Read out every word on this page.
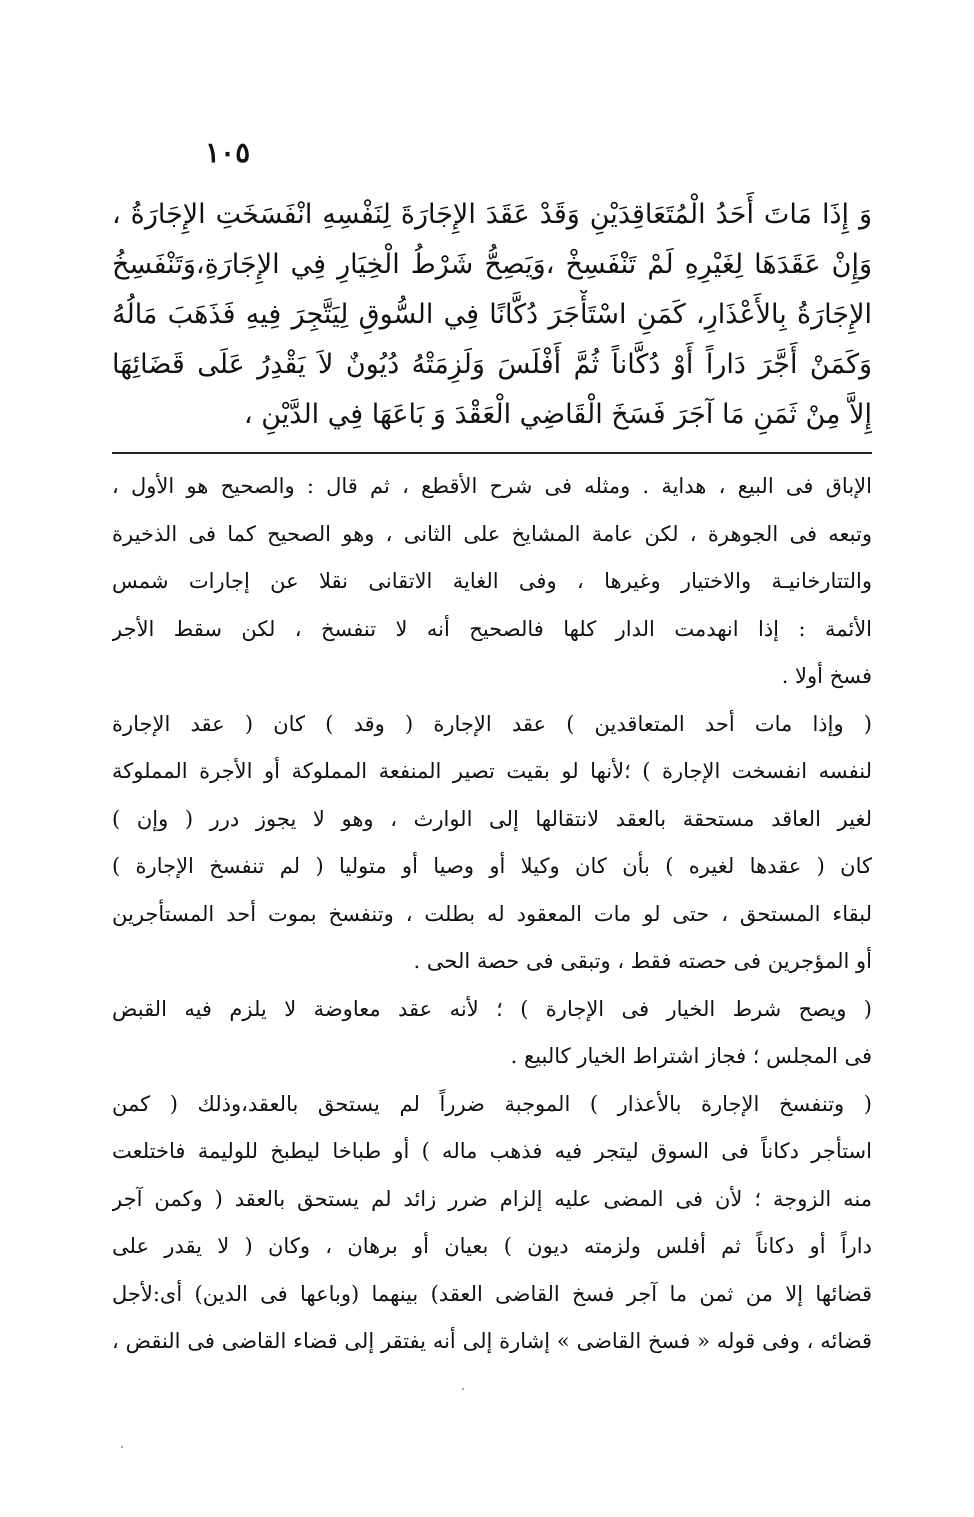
١٠٥
وَ إِذَا مَاتَ أَحَدُ الْمُتَعَاقِدَيْنِ وَقَدْ عَقَدَ الإِجَارَةَ لِنَفْسِهِ انْفَسَخَتِ الإِجَارَةُ ،
وَإِنْ عَقَدَهَا لِغَيْرِهِ لَمْ تَنْفَسِخْ ،وَيَصِحُّ شَرْطُ الْخِيَارِ فِي الإِجَارَةِ،وَتَنْفَسِخُ
الإِجَارَةُ بِالأَعْذَارِ، كَمَنِ اسْتَأْجَرَ دُكَّانًا فِي السُّوقِ لِيَتَّجِرَ فِيهِ فَذَهَبَ مَالُهُ
وَكَمَنْ أَجَّرَ دَاراً أَوْ دُكَّاناً ثُمَّ أَفْلَسَ وَلَزِمَتْهُ دُيُونٌ لاَ يَقْدِرُ عَلَى قَضَائِهَا
إِلاَّ مِنْ ثَمَنِ مَا آجَرَ فَسَخَ الْقَاضِي الْعَقْدَ وَ بَاعَهَا فِي الدَّيْنِ ،
الإباق فى البيع ، هداية . ومثله فى شرح الأقطع ، ثم قال : والصحيح هو الأول ،
وتبعه فى الجوهرة ، لكن عامة المشايخ على الثانى ، وهو الصحيح كما فى الذخيرة
والتتارخانيـة والاختيار وغيرها ، وفى الغاية الاتقانى نقلا عن إجارات شمس
الأئمة : إذا انهدمت الدار كلها فالصحيح أنه لا تنفسخ ، لكن سقط الأجر
فسخ أولا .
( وإذا مات أحد المتعاقدين ) عقد الإجارة ( وقد ) كان ( عقد الإجارة
لنفسه انفسخت الإجارة ) ؛لأنها لو بقيت تصير المنفعة المملوكة أو الأجرة المملوكة
لغير العاقد مستحقة بالعقد لانتقالها إلى الوارث ، وهو لا يجوز درر ( وإن )
كان ( عقدها لغيره ) بأن كان وكيلا أو وصيا أو متوليا ( لم تنفسخ الإجارة )
لبقاء المستحق ، حتى لو مات المعقود له بطلت ، وتنفسخ بموت أحد المستأجرين
أو المؤجرين فى حصته فقط ، وتبقى فى حصة الحى .
( ويصح شرط الخيار فى الإجارة ) ؛ لأنه عقد معاوضة لا يلزم فيه القبض
فى المجلس ؛ فجاز اشتراط الخيار كالبيع .
( وتنفسخ الإجارة بالأعذار ) الموجبة ضرراً لم يستحق بالعقد،وذلك ( كمن
استأجر دكاناً فى السوق ليتجر فيه فذهب ماله ) أو طباخا ليطبخ للوليمة فاختلعت
منه الزوجة ؛ لأن فى المضى عليه إلزام ضرر زائد لم يستحق بالعقد ( وكمن آجر
داراً أو دكاناً ثم أفلس ولزمته ديون ) بعيان أو برهان ، وكان ( لا يقدر على
قضائها إلا من ثمن ما آجر فسخ القاضى العقد) بينهما (وباعها فى الدين) أى:لأجل
قضائه ، وفى قوله « فسخ القاضى » إشارة إلى أنه يفتقر إلى قضاء القاضى فى النقض ،
